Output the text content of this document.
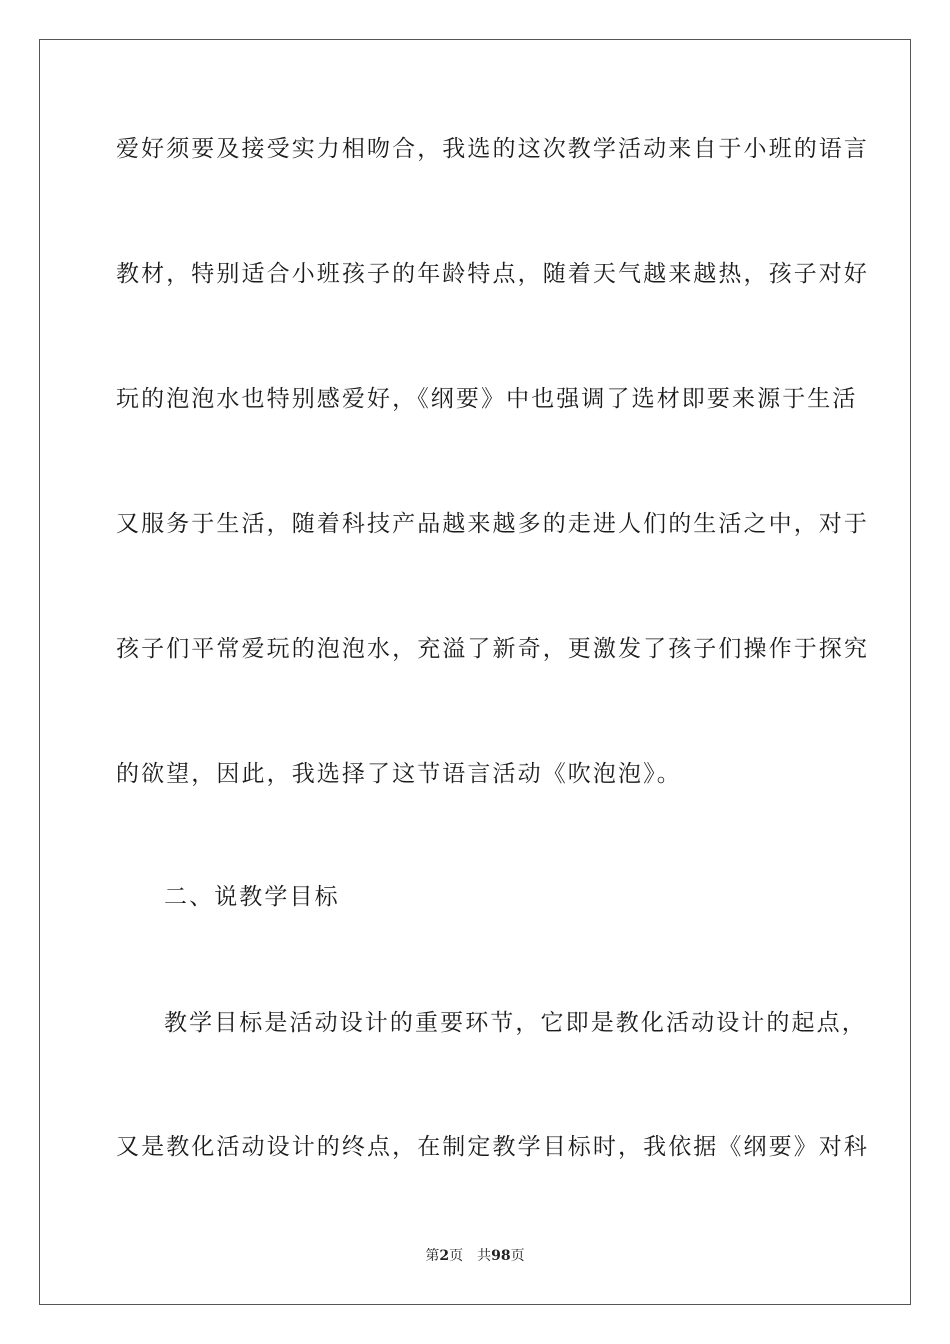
爱好须要及接受实力相吻合，我选的这次教学活动来自于小班的语言
教材，特别适合小班孩子的年龄特点，随着天气越来越热，孩子对好
玩的泡泡水也特别感爱好，《纲要》中也强调了选材即要来源于生活
又服务于生活，随着科技产品越来越多的走进人们的生活之中，对于
孩子们平常爱玩的泡泡水，充溢了新奇，更激发了孩子们操作于探究
的欲望，因此，我选择了这节语言活动《吹泡泡》。
二、说教学目标
教学目标是活动设计的重要环节，它即是教化活动设计的起点，
又是教化活动设计的终点，在制定教学目标时，我依据《纲要》对科
第2页 共98页
